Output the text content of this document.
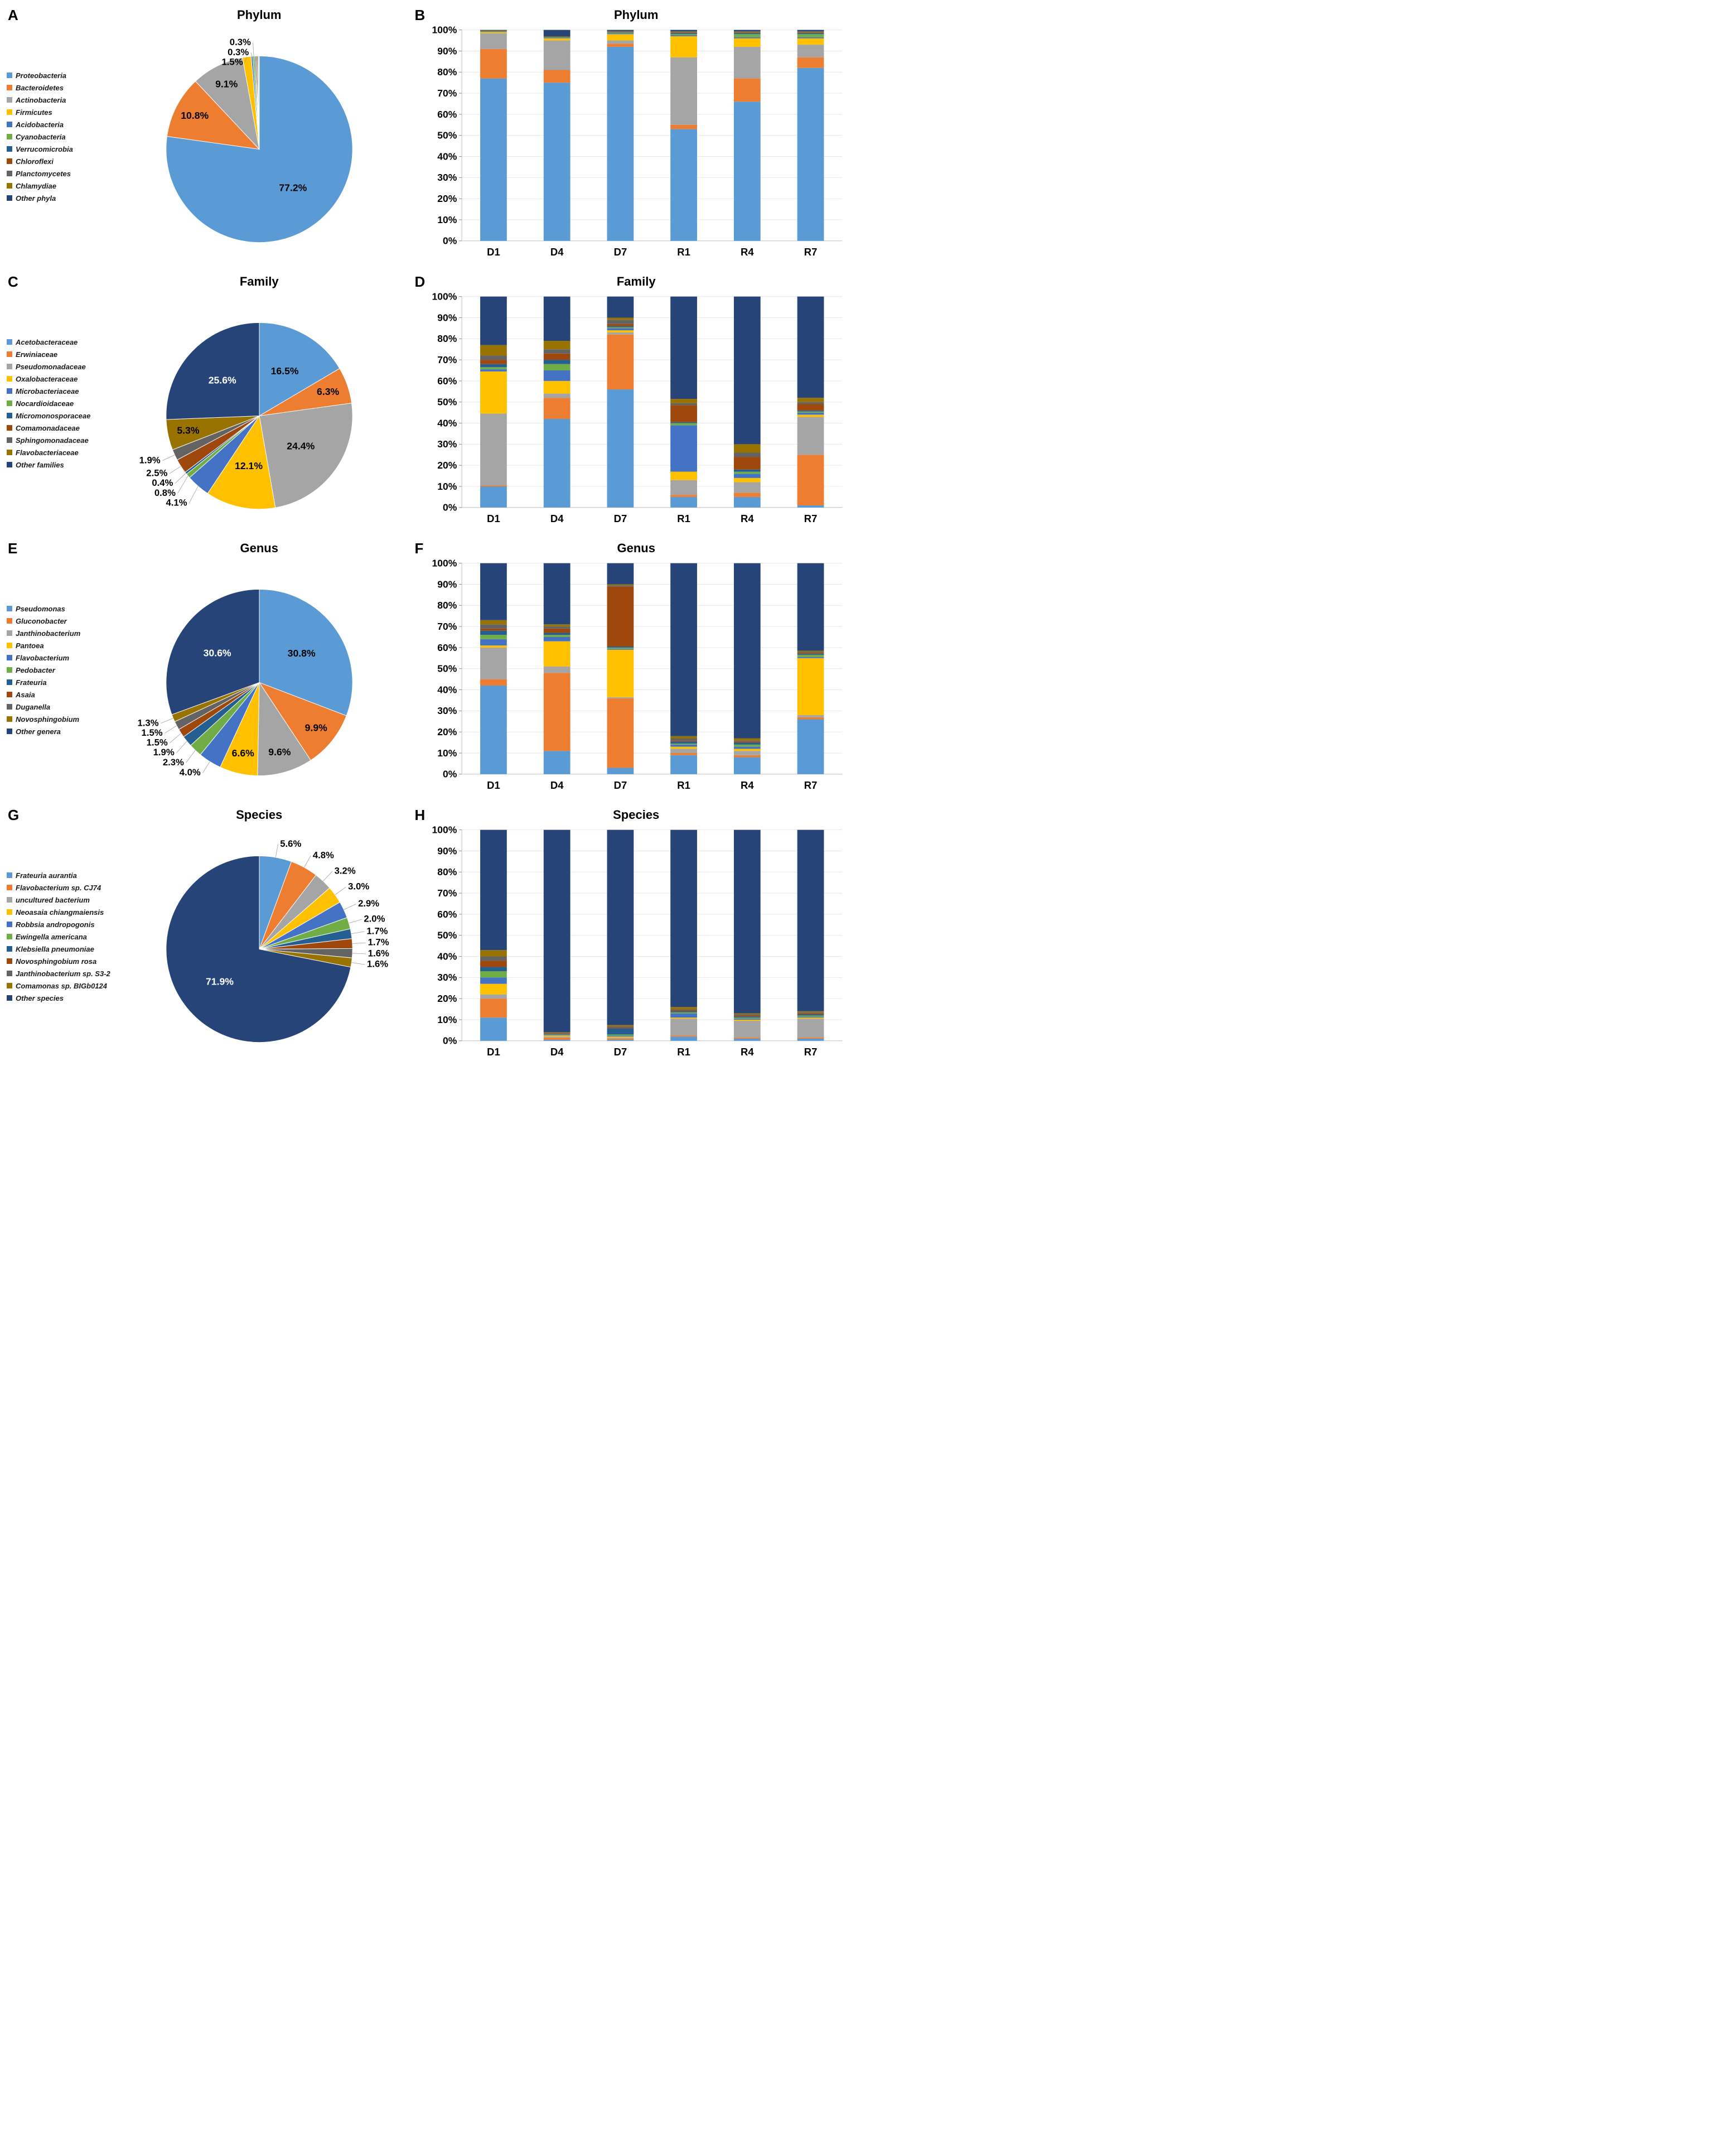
A
Proteobacteria
Bacteroidetes
Actinobacteria
Firmicutes
Acidobacteria
Cyanobacteria
Verrucomicrobia
Chloroflexi
Planctomycetes
Chlamydiae
Other phyla
Phylum
77.2%
10.8%
9.1%
0.3%
0.3%
1.5%
B	Phylum
0%
10%
20%
30%
40%
50%
60%
70%
80%
90%
100%
D1	D4	D7	R1	R4	R7
C
Acetobacteraceae
Erwiniaceae
Pseudomonadaceae
Oxalobacteraceae
Microbacteriaceae
Nocardioidaceae
Micromonosporaceae
Comamonadaceae
Sphingomonadaceae
Flavobacteriaceae
Other families
Family
16.5%
6.3%
24.4%
12.1%
5.3%
25.6%
1.9%
2.5%
0.4%
0.8%
4.1%
D	Family
0%
10%
20%
30%
40%
50%
60%
70%
80%
90%
100%
D1	D4	D7	R1	R4	R7
E
Pseudomonas
Gluconobacter
Janthinobacterium
Pantoea
Flavobacterium
Pedobacter
Frateuria
Asaia
Duganella
Novosphingobium
Other genera
Genus
30.8%
9.9%
9.6%
6.6%
30.6%
1.3%
1.5%
1.5%
1.9%
2.3%
4.0%
F	Genus
0%
10%
20%
30%
40%
50%
60%
70%
80%
90%
100%
D1	D4	D7	R1	R4	R7
G
Frateuria aurantia
Flavobacterium sp. CJ74
uncultured bacterium
Neoasaia chiangmaiensis
Robbsia andropogonis
Ewingella americana
Klebsiella pneumoniae
Novosphingobium rosa
Janthinobacterium sp. S3-2
Comamonas sp. BIGb0124
Other species
Species
71.9%
5.6%
4.8%
3.2%
3.0%
2.9%
2.0%
1.7%
1.7%
1.6%
1.6%
H	Species
0%
10%
20%
30%
40%
50%
60%
70%
80%
90%
100%
D1	D4	D7	R1	R4	R7
